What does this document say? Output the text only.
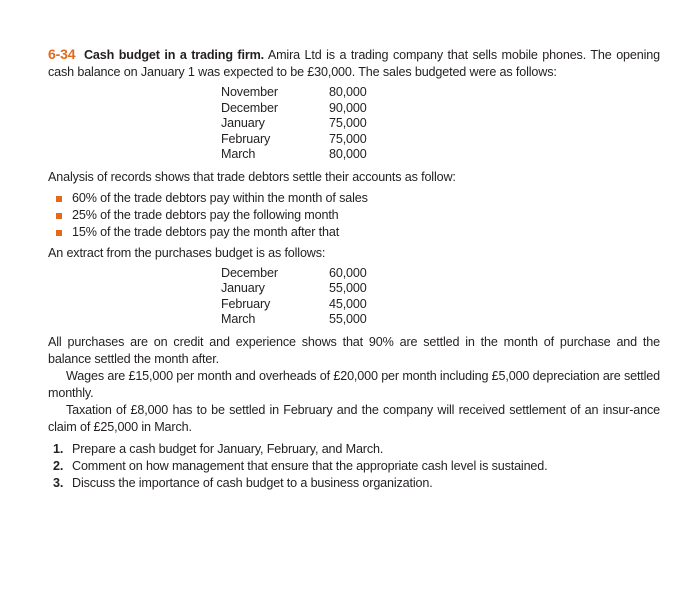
6-34 Cash budget in a trading firm. Amira Ltd is a trading company that sells mobile phones. The opening cash balance on January 1 was expected to be £30,000. The sales budgeted were as follows:

November	80,000
December	90,000
January	75,000
February	75,000
March	80,000

Analysis of records shows that trade debtors settle their accounts as follow:

60% of the trade debtors pay within the month of sales
25% of the trade debtors pay the following month
15% of the trade debtors pay the month after that

An extract from the purchases budget is as follows:

December	60,000
January	55,000
February	45,000
March	55,000

All purchases are on credit and experience shows that 90% are settled in the month of purchase and the balance settled the month after.

Wages are £15,000 per month and overheads of £20,000 per month including £5,000 depreciation are settled monthly.

Taxation of £8,000 has to be settled in February and the company will received settlement of an insur-ance claim of £25,000 in March.

1. Prepare a cash budget for January, February, and March.
2. Comment on how management that ensure that the appropriate cash level is sustained.
3. Discuss the importance of cash budget to a business organization.
